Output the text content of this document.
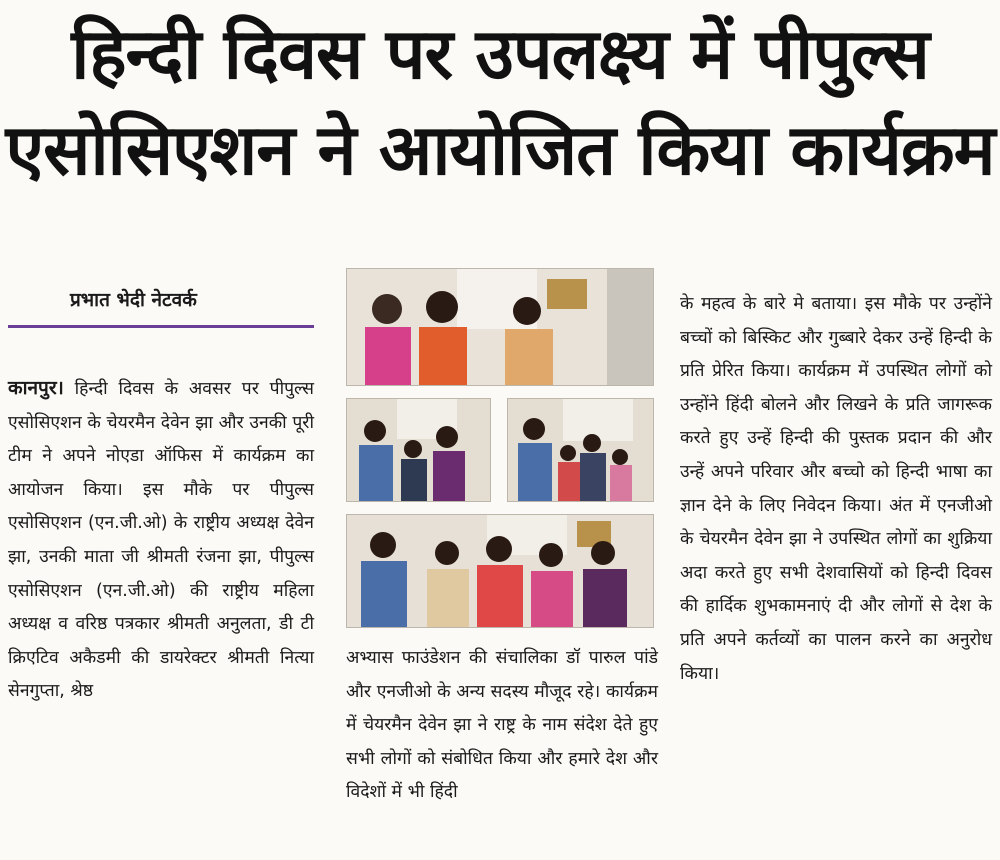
हिन्दी दिवस पर उपलक्ष्य में पीपुल्स
एसोसिएशन ने आयोजित किया कार्यक्रम
प्रभात भेदी नेटवर्क

कानपुर। हिन्दी दिवस के अवसर पर पीपुल्स एसोसिएशन के चेयरमैन देवेन झा और उनकी पूरी टीम ने अपने नोएडा ऑफिस में कार्यक्रम का आयोजन किया। इस मौके पर पीपुल्स एसोसिएशन (एन.जी.ओ) के राष्ट्रीय अध्यक्ष देवेन झा, उनकी माता जी श्रीमती रंजना झा, पीपुल्स एसोसिएशन (एन.जी.ओ) की राष्ट्रीय महिला अध्यक्ष व वरिष्ठ पत्रकार श्रीमती अनुलता, डी टी क्रिएटिव अकैडमी की डायरेक्टर श्रीमती नित्या सेनगुप्ता, श्रेष्ठ

अभ्यास फाउंडेशन की संचालिका डॉ पारुल पांडे और एनजीओ के अन्य सदस्य मौजूद रहे। कार्यक्रम में चेयरमैन देवेन झा ने राष्ट्र के नाम संदेश देते हुए सभी लोगों को संबोधित किया और हमारे देश और विदेशों में भी हिंदी

के महत्व के बारे मे बताया। इस मौके पर उन्होंने बच्चों को बिस्किट और गुब्बारे देकर उन्हें हिन्दी के प्रति प्रेरित किया। कार्यक्रम में उपस्थित लोगों को उन्होंने हिंदी बोलने और लिखने के प्रति जागरूक करते हुए उन्हें हिन्दी की पुस्तक प्रदान की और उन्हें अपने परिवार और बच्चो को हिन्दी भाषा का ज्ञान देने के लिए निवेदन किया। अंत में एनजीओ के चेयरमैन देवेन झा ने उपस्थित लोगों का शुक्रिया अदा करते हुए सभी देशवासियों को हिन्दी दिवस की हार्दिक शुभकामनाएं दी और लोगों से देश के प्रति अपने कर्तव्यों का पालन करने का अनुरोध किया।
